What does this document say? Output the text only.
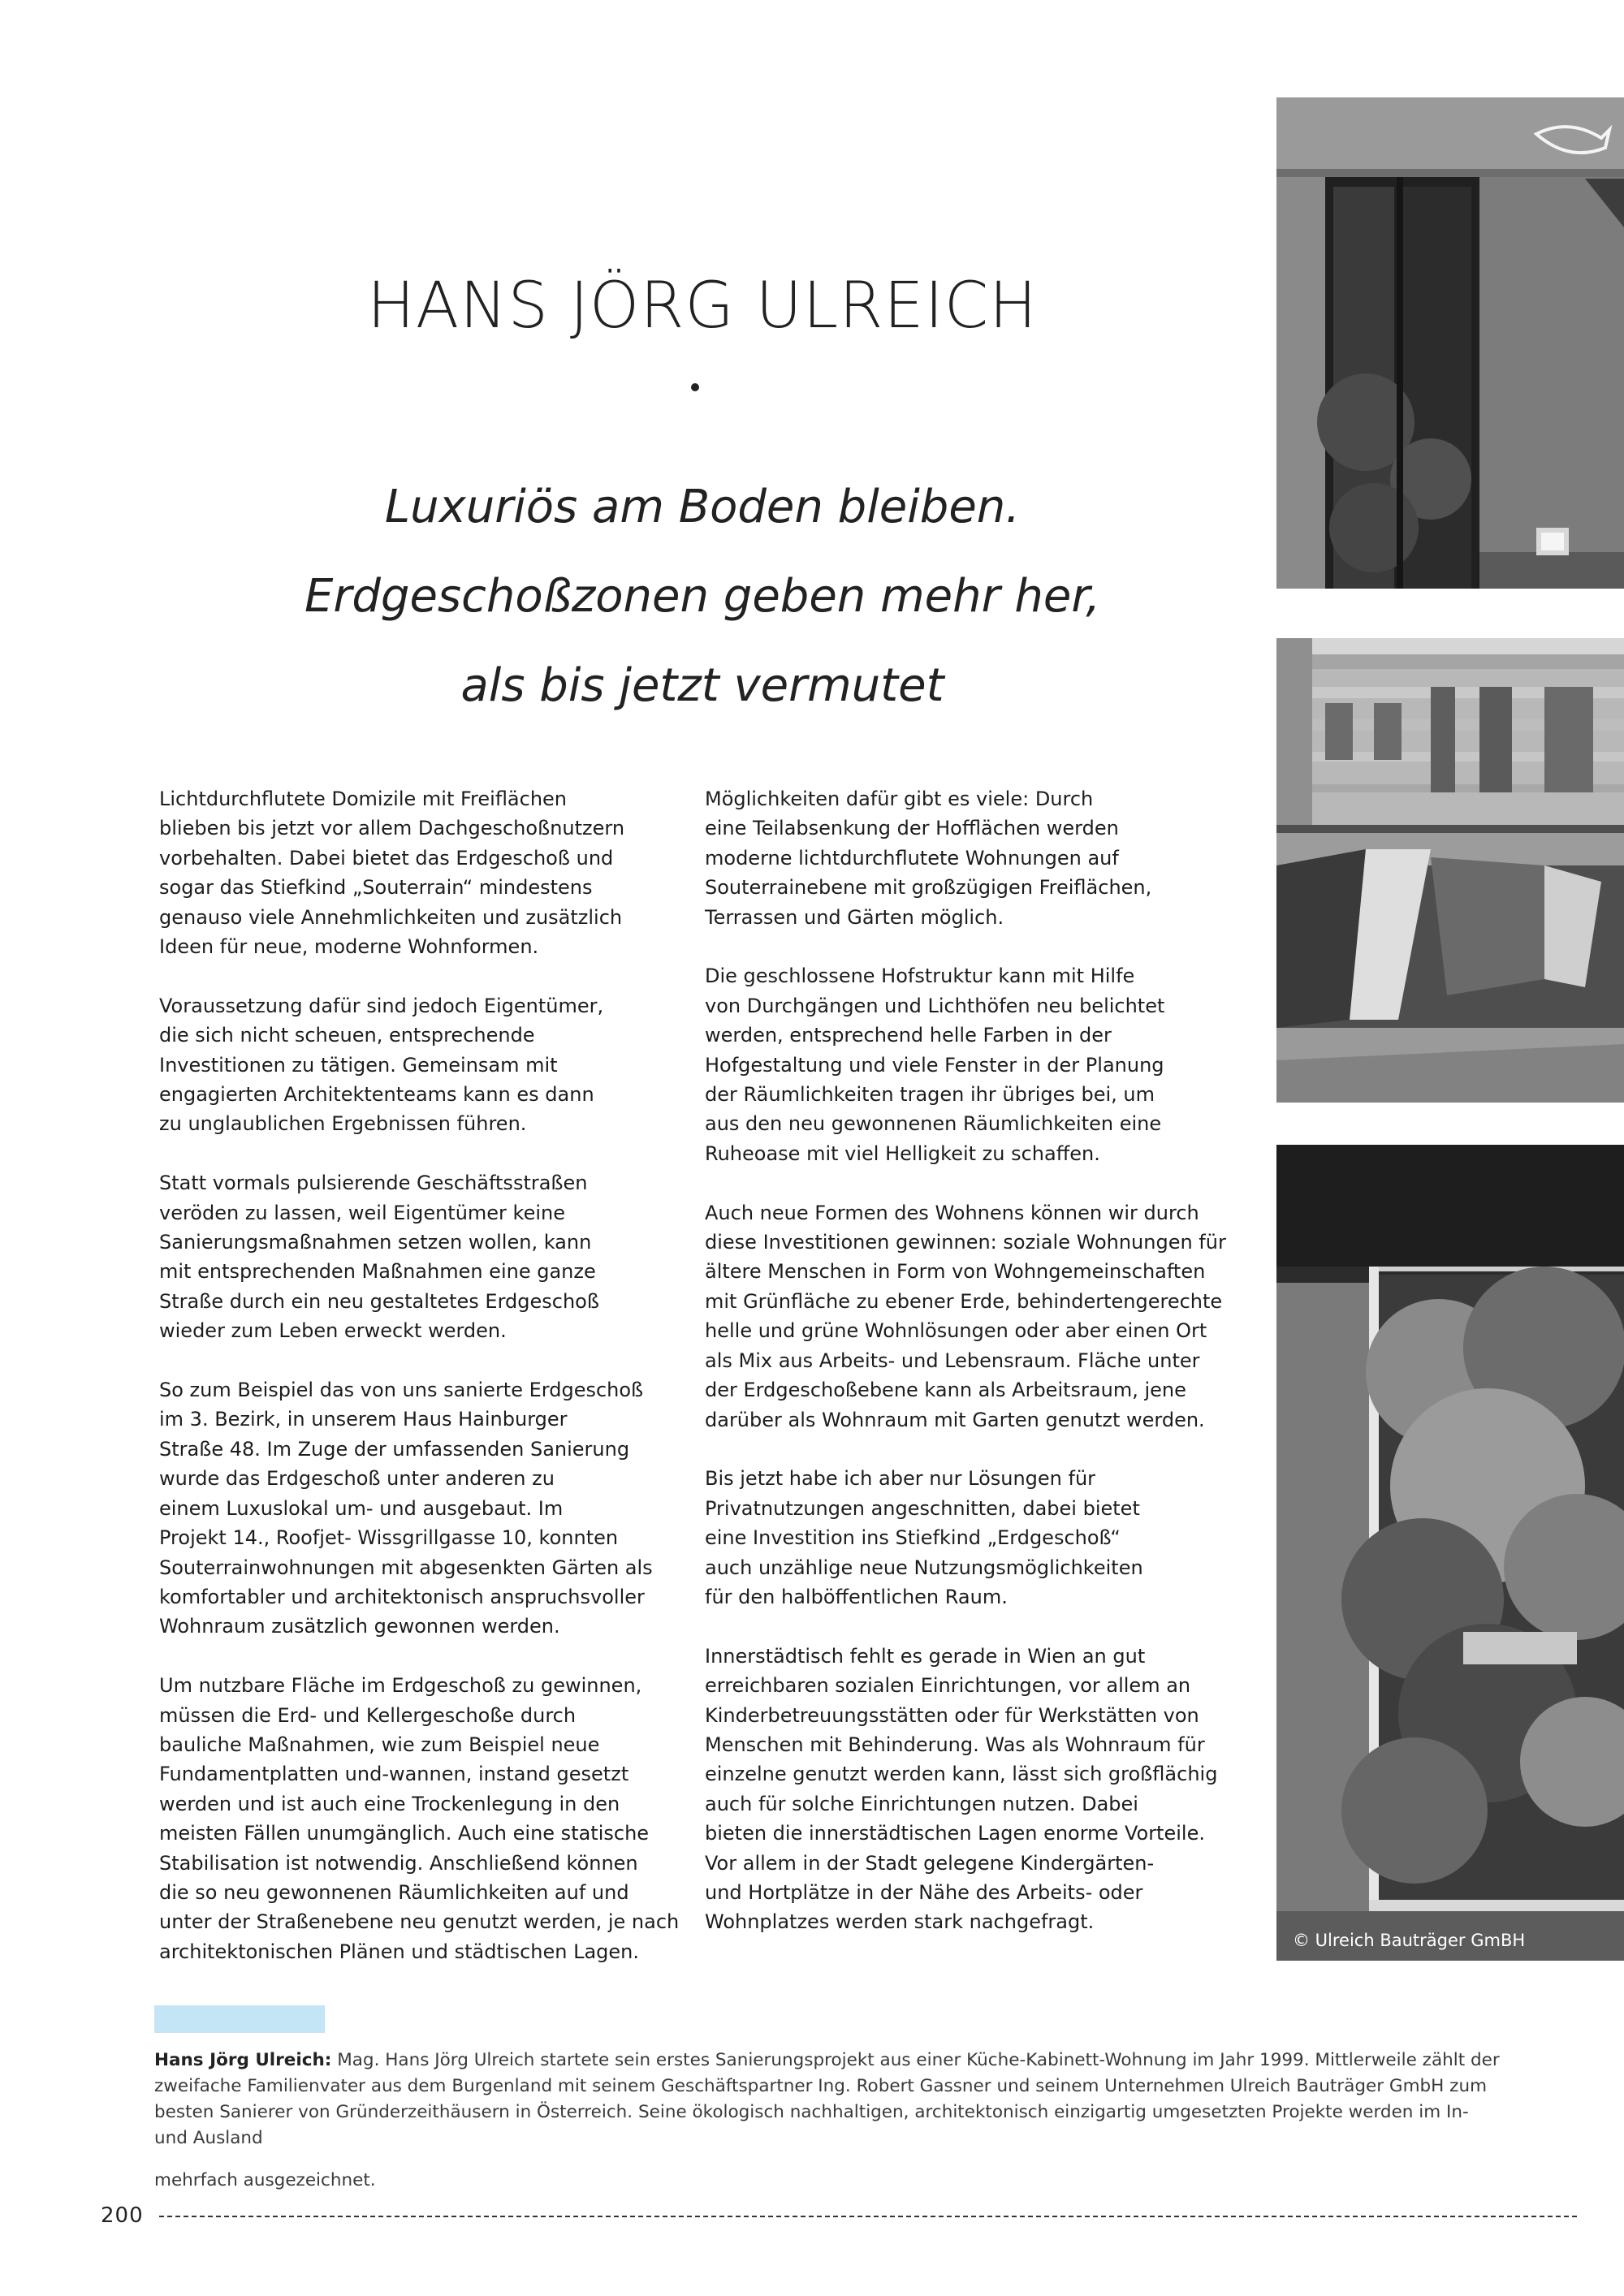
HANS JÖRG ULREICH
Luxuriös am Boden bleiben.
Erdgeschoßzonen geben mehr her,
als bis jetzt vermutet

Lichtdurchflutete Domizile mit Freiflächen
blieben bis jetzt vor allem Dachgeschoßnutzern
vorbehalten. Dabei bietet das Erdgeschoß und
sogar das Stiefkind „Souterrain“ mindestens
genauso viele Annehmlichkeiten und zusätzlich
Ideen für neue, moderne Wohnformen.

Voraussetzung dafür sind jedoch Eigentümer,
die sich nicht scheuen, entsprechende
Investitionen zu tätigen. Gemeinsam mit
engagierten Architektenteams kann es dann
zu unglaublichen Ergebnissen führen.

Statt vormals pulsierende Geschäftsstraßen
veröden zu lassen, weil Eigentümer keine
Sanierungsmaßnahmen setzen wollen, kann
mit entsprechenden Maßnahmen eine ganze
Straße durch ein neu gestaltetes Erdgeschoß
wieder zum Leben erweckt werden.

So zum Beispiel das von uns sanierte Erdgeschoß
im 3. Bezirk, in unserem Haus Hainburger
Straße 48. Im Zuge der umfassenden Sanierung
wurde das Erdgeschoß unter anderen zu
einem Luxuslokal um- und ausgebaut. Im
Projekt 14., Roofjet- Wissgrillgasse 10, konnten
Souterrainwohnungen mit abgesenkten Gärten als
komfortabler und architektonisch anspruchsvoller
Wohnraum zusätzlich gewonnen werden.

Um nutzbare Fläche im Erdgeschoß zu gewinnen,
müssen die Erd- und Kellergeschoße durch
bauliche Maßnahmen, wie zum Beispiel neue
Fundamentplatten und-wannen, instand gesetzt
werden und ist auch eine Trockenlegung in den
meisten Fällen unumgänglich. Auch eine statische
Stabilisation ist notwendig. Anschließend können
die so neu gewonnenen Räumlichkeiten auf und
unter der Straßenebene neu genutzt werden, je nach
architektonischen Plänen und städtischen Lagen.

Möglichkeiten dafür gibt es viele: Durch
eine Teilabsenkung der Hofflächen werden
moderne lichtdurchflutete Wohnungen auf
Souterrainebene mit großzügigen Freiflächen,
Terrassen und Gärten möglich.

Die geschlossene Hofstruktur kann mit Hilfe
von Durchgängen und Lichthöfen neu belichtet
werden, entsprechend helle Farben in der
Hofgestaltung und viele Fenster in der Planung
der Räumlichkeiten tragen ihr übriges bei, um
aus den neu gewonnenen Räumlichkeiten eine
Ruheoase mit viel Helligkeit zu schaffen.

Auch neue Formen des Wohnens können wir durch
diese Investitionen gewinnen: soziale Wohnungen für
ältere Menschen in Form von Wohngemeinschaften
mit Grünfläche zu ebener Erde, behindertengerechte
helle und grüne Wohnlösungen oder aber einen Ort
als Mix aus Arbeits- und Lebensraum. Fläche unter
der Erdgeschoßebene kann als Arbeitsraum, jene
darüber als Wohnraum mit Garten genutzt werden.

Bis jetzt habe ich aber nur Lösungen für
Privatnutzungen angeschnitten, dabei bietet
eine Investition ins Stiefkind „Erdgeschoß“
auch unzählige neue Nutzungsmöglichkeiten
für den halböffentlichen Raum.

Innerstädtisch fehlt es gerade in Wien an gut
erreichbaren sozialen Einrichtungen, vor allem an
Kinderbetreuungsstätten oder für Werkstätten von
Menschen mit Behinderung. Was als Wohnraum für
einzelne genutzt werden kann, lässt sich großflächig
auch für solche Einrichtungen nutzen. Dabei
bieten die innerstädtischen Lagen enorme Vorteile.
Vor allem in der Stadt gelegene Kindergärten-
und Hortplätze in der Nähe des Arbeits- oder
Wohnplatzes werden stark nachgefragt.

© Ulreich Bauträger GmBH
Hans Jörg Ulreich: Mag. Hans Jörg Ulreich startete sein erstes Sanierungsprojekt aus einer Küche-Kabinett-Wohnung im Jahr 1999. Mittlerweile zählt der zweifache Familienvater aus dem Burgenland mit seinem Geschäftspartner Ing. Robert Gassner und seinem Unternehmen Ulreich Bauträger GmbH zum besten Sanierer von Gründerzeithäusern in Österreich. Seine ökologisch nachhaltigen, architektonisch einzigartig umgesetzten Projekte werden im In- und Ausland
mehrfach ausgezeichnet.
200
